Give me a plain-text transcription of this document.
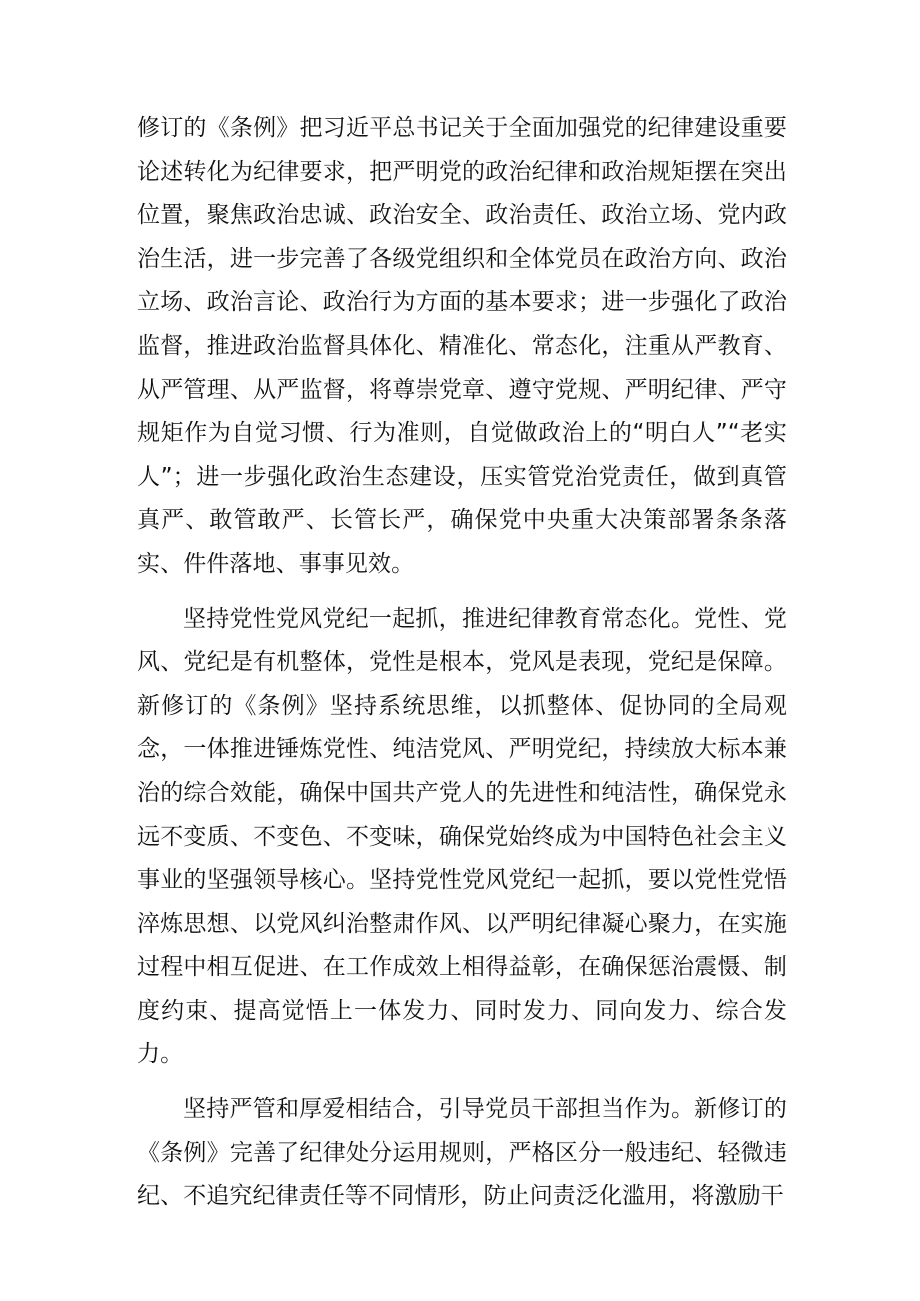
修订的《条例》把习近平总书记关于全面加强党的纪律建设重要论述转化为纪律要求，把严明党的政治纪律和政治规矩摆在突出位置，聚焦政治忠诚、政治安全、政治责任、政治立场、党内政治生活，进一步完善了各级党组织和全体党员在政治方向、政治立场、政治言论、政治行为方面的基本要求；进一步强化了政治监督，推进政治监督具体化、精准化、常态化，注重从严教育、从严管理、从严监督，将尊崇党章、遵守党规、严明纪律、严守规矩作为自觉习惯、行为准则，自觉做政治上的“明白人”“老实人”；进一步强化政治生态建设，压实管党治党责任，做到真管真严、敢管敢严、长管长严，确保党中央重大决策部署条条落实、件件落地、事事见效。

坚持党性党风党纪一起抓，推进纪律教育常态化。党性、党风、党纪是有机整体，党性是根本，党风是表现，党纪是保障。新修订的《条例》坚持系统思维，以抓整体、促协同的全局观念，一体推进锤炼党性、纯洁党风、严明党纪，持续放大标本兼治的综合效能，确保中国共产党人的先进性和纯洁性，确保党永远不变质、不变色、不变味，确保党始终成为中国特色社会主义事业的坚强领导核心。坚持党性党风党纪一起抓，要以党性党悟淬炼思想、以党风纠治整肃作风、以严明纪律凝心聚力，在实施过程中相互促进、在工作成效上相得益彰，在确保惩治震慑、制度约束、提高觉悟上一体发力、同时发力、同向发力、综合发力。

坚持严管和厚爱相结合，引导党员干部担当作为。新修订的《条例》完善了纪律处分运用规则，严格区分一般违纪、轻微违纪、不追究纪律责任等不同情形，防止问责泛化滥用，将激励干
